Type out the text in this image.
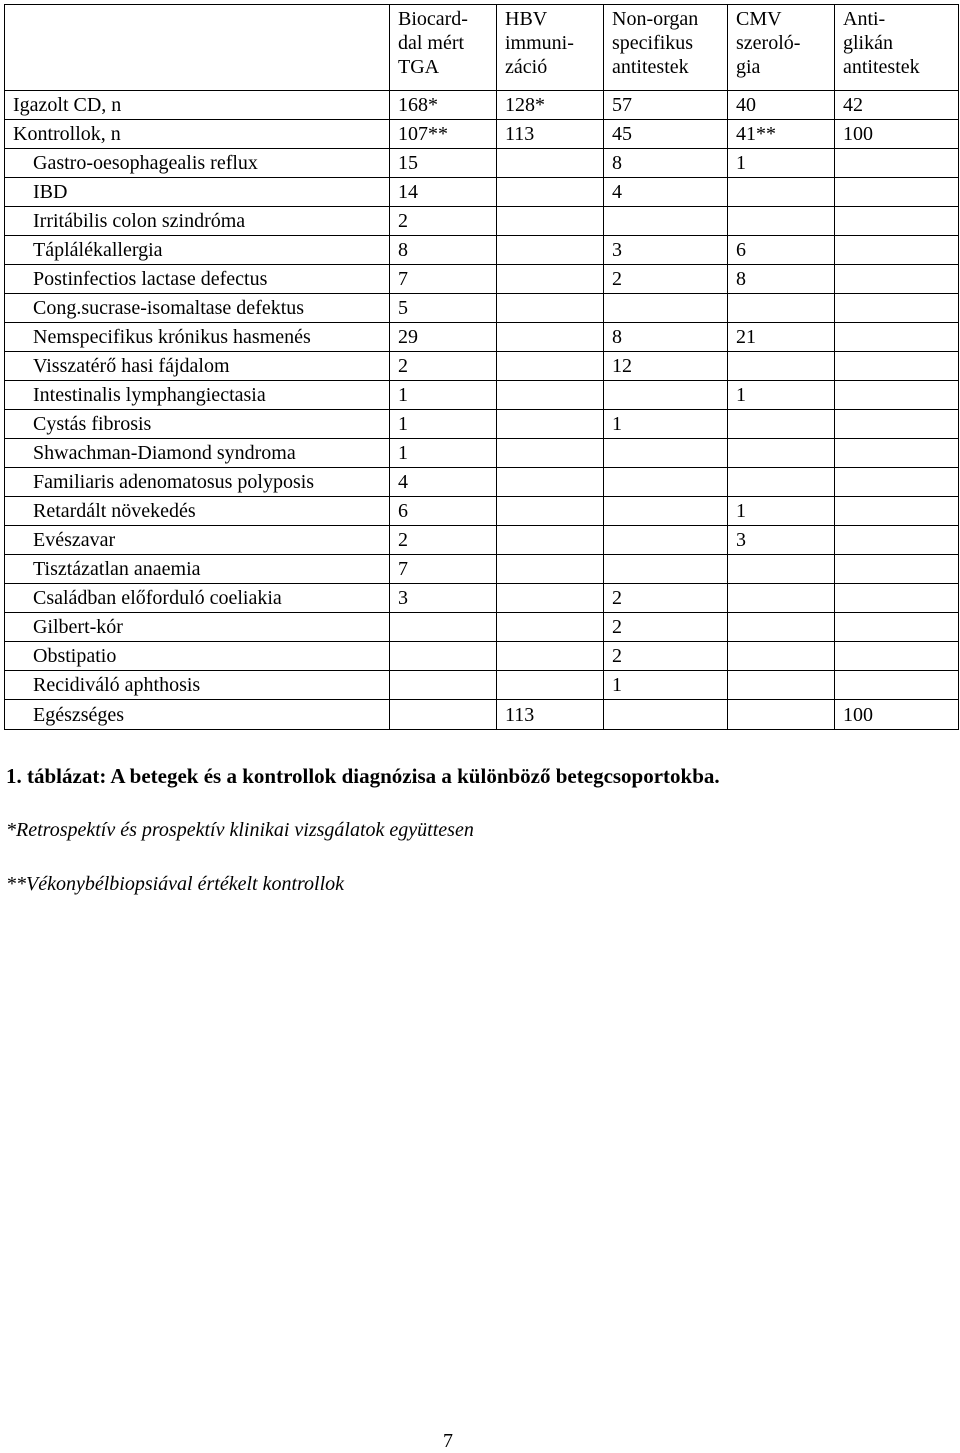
	Biocard-
dal mért
TGA	HBV
immuni-
záció	Non-organ
specifikus
antitestek	CMV
szeroló-
gia	Anti-
glikán
antitestek
Igazolt CD, n	168*	128*	57	40	42
Kontrollok, n	107**	113	45	41**	100
Gastro-oesophagealis reflux	15		8	1	
IBD	14		4		
Irritábilis colon szindróma	2				
Táplálékallergia	8		3	6	
Postinfectios lactase defectus	7		2	8	
Cong.sucrase-isomaltase defektus	5				
Nemspecifikus krónikus hasmenés	29		8	21	
Visszatérő hasi fájdalom	2		12		
Intestinalis lymphangiectasia	1			1	
Cystás fibrosis	1		1		
Shwachman-Diamond syndroma	1				
Familiaris adenomatosus polyposis	4				
Retardált növekedés	6			1	
Evészavar	2			3	
Tisztázatlan anaemia	7				
Családban előforduló coeliakia	3		2		
Gilbert-kór			2		
Obstipatio			2		
Recidiváló aphthosis			1		
Egészséges		113			100
1. táblázat: A betegek és a kontrollok diagnózisa a különböző betegcsoportokba.
*Retrospektív és prospektív klinikai vizsgálatok együttesen
**Vékonybélbiopsiával értékelt kontrollok
7
